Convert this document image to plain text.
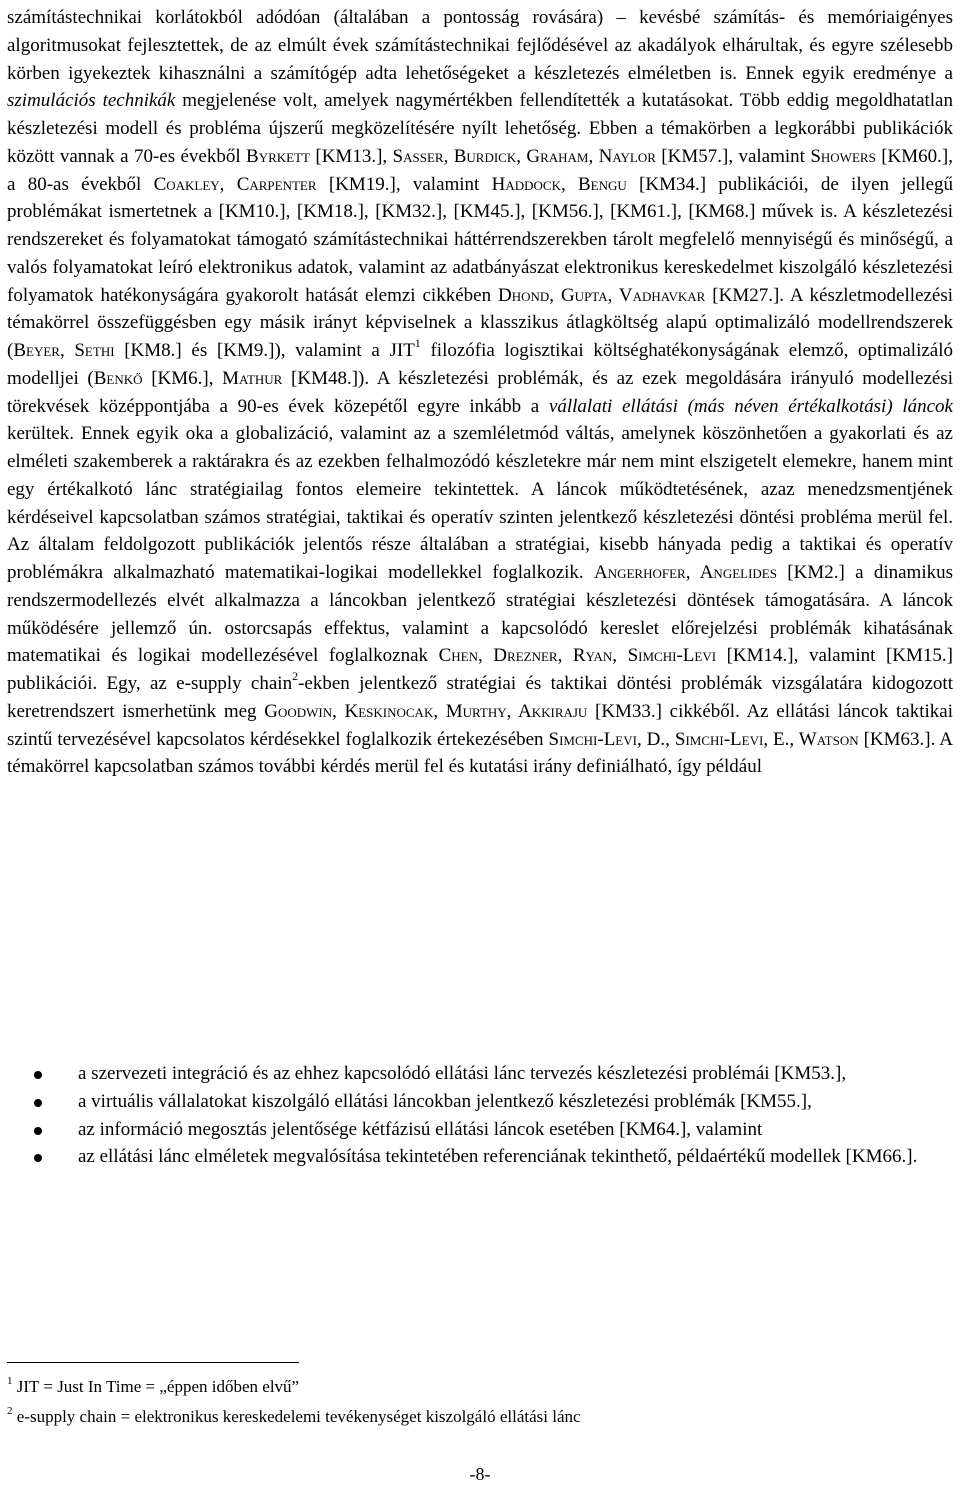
számítástechnikai korlátokból adódóan (általában a pontosság rovására) – kevésbé számítás- és memóriaigényes algoritmusokat fejlesztettek, de az elmúlt évek számítástechnikai fejlődésével az akadályok elhárultak, és egyre szélesebb körben igyekeztek kihasználni a számítógép adta lehetőségeket a készletezés elméletben is. Ennek egyik eredménye a szimulációs technikák megjelenése volt, amelyek nagymértékben fellendítették a kutatásokat. Több eddig megoldhatatlan készletezési modell és probléma újszerű megközelítésére nyílt lehetőség. Ebben a témakörben a legkorábbi publikációk között vannak a 70-es évekből Byrkett [KM13.], Sasser, Burdick, Graham, Naylor [KM57.], valamint Showers [KM60.], a 80-as évekből Coakley, Carpenter [KM19.], valamint Haddock, Bengu [KM34.] publikációi, de ilyen jellegű problémákat ismertetnek a [KM10.], [KM18.], [KM32.], [KM45.], [KM56.], [KM61.], [KM68.] művek is. A készletezési rendszereket és folyamatokat támogató számítástechnikai háttérrendszerekben tárolt megfelelő mennyiségű és minőségű, a valós folyamatokat leíró elektronikus adatok, valamint az adatbányászat elektronikus kereskedelmet kiszolgáló készletezési folyamatok hatékonyságára gyakorolt hatását elemzi cikkében Dhond, Gupta, Vadhavkar [KM27.]. A készletmodellezési témakörrel összefüggésben egy másik irányt képviselnek a klasszikus átlagköltség alapú optimalizáló modellrendszerek (Beyer, Sethi [KM8.] és [KM9.]), valamint a JIT$^1$ filozófia logisztikai költséghatékonyságának elemző, optimalizáló modelljei (Benkő [KM6.], Mathur [KM48.]). A készletezési problémák, és az ezek megoldására irányuló modellezési törekvések középpontjába a 90-es évek közepétől egyre inkább a vállalati ellátási (más néven értékalkotási) láncok kerültek. Ennek egyik oka a globalizáció, valamint az a szemléletmód váltás, amelynek köszönhetően a gyakorlati és az elméleti szakemberek a raktárakra és az ezekben felhalmozódó készletekre már nem mint elszigetelt elemekre, hanem mint egy értékalkotó lánc stratégiailag fontos elemeire tekintettek. A láncok működtetésének, azaz menedzsmentjének kérdéseivel kapcsolatban számos stratégiai, taktikai és operatív szinten jelentkező készletezési döntési probléma merül fel. Az általam feldolgozott publikációk jelentős része általában a stratégiai, kisebb hányada pedig a taktikai és operatív problémákra alkalmazható matematikai-logikai modellekkel foglalkozik. Angerhofer, Angelides [KM2.] a dinamikus rendszermodellezés elvét alkalmazza a láncokban jelentkező stratégiai készletezési döntések támogatására. A láncok működésére jellemző ún. ostorcsapás effektus, valamint a kapcsolódó kereslet előrejelzési problémák kihatásának matematikai és logikai modellezésével foglalkoznak Chen, Drezner, Ryan, Simchi-Levi [KM14.], valamint [KM15.] publikációi. Egy, az e-supply chain$^2$-ekben jelentkező stratégiai és taktikai döntési problémák vizsgálatára kidogozott keretrendszert ismerhetünk meg Goodwin, Keskinocak, Murthy, Akkiraju [KM33.] cikkéből. Az ellátási láncok taktikai szintű tervezésével kapcsolatos kérdésekkel foglalkozik értekezésében Simchi-Levi, D., Simchi-Levi, E., Watson [KM63.]. A témakörrel kapcsolatban számos további kérdés merül fel és kutatási irány definiálható, így például

a szervezeti integráció és az ehhez kapcsolódó ellátási lánc tervezés készletezési problémái [KM53.],
a virtuális vállalatokat kiszolgáló ellátási láncokban jelentkező készletezési problémák [KM55.],
az információ megosztás jelentősége kétfázisú ellátási láncok esetében [KM64.], valamint
az ellátási lánc elméletek megvalósítása tekintetében referenciának tekinthető, példaértékű modellek [KM66.].
$^1$ JIT = Just In Time = „éppen időben elvű”
$^2$ e-supply chain = elektronikus kereskedelemi tevékenységet kiszolgáló ellátási lánc
-8-
